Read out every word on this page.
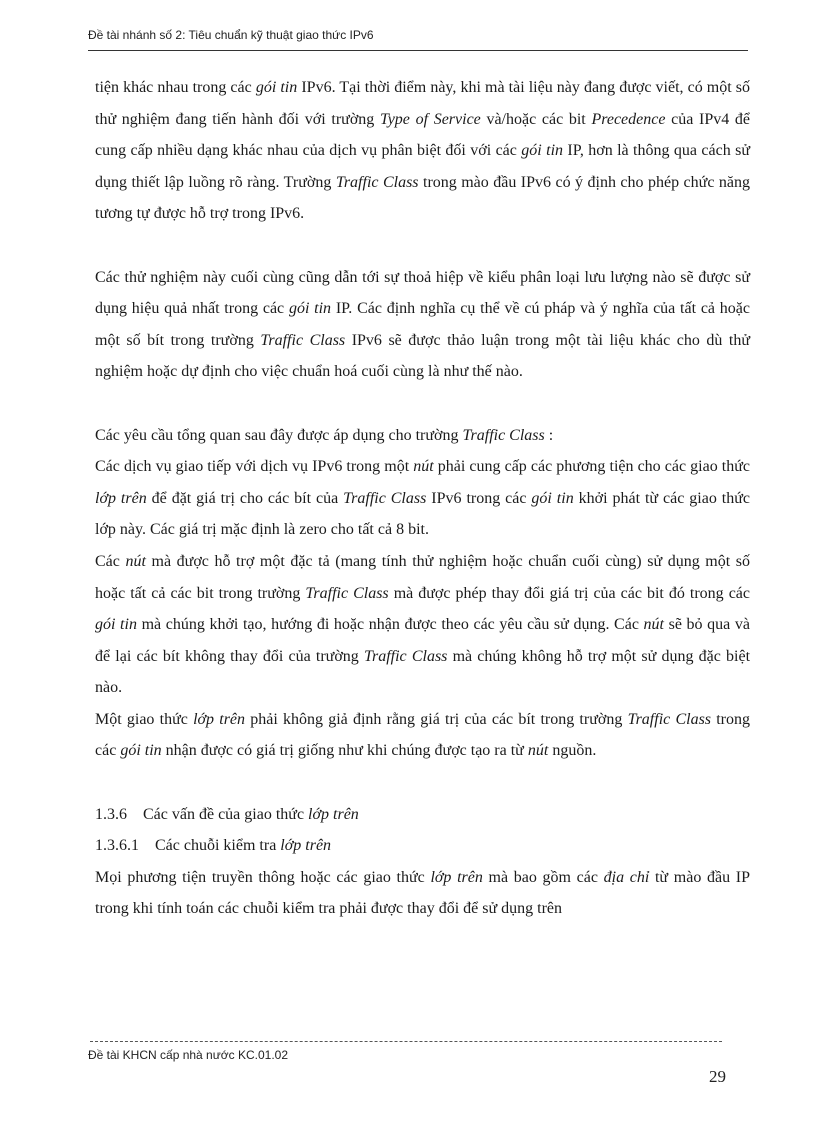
Đề tài nhánh số 2: Tiêu chuẩn kỹ thuật giao thức IPv6

tiện khác nhau trong các gói tin IPv6. Tại thời điểm này, khi mà tài liệu này đang được viết, có một số thử nghiệm đang tiến hành đối với trường Type of Service và/hoặc các bit Precedence của IPv4 để cung cấp nhiều dạng khác nhau của dịch vụ phân biệt đối với các gói tin IP, hơn là thông qua cách sử dụng thiết lập luồng rõ ràng. Trường Traffic Class trong mào đầu IPv6 có ý định cho phép chức năng tương tự được hỗ trợ trong IPv6.

Các thử nghiệm này cuối cùng cũng dẫn tới sự thoả hiệp về kiểu phân loại lưu lượng nào sẽ được sử dụng hiệu quả nhất trong các gói tin IP. Các định nghĩa cụ thể về cú pháp và ý nghĩa của tất cả hoặc một số bít trong trường Traffic Class IPv6 sẽ được thảo luận trong một tài liệu khác cho dù thử nghiệm hoặc dự định cho việc chuẩn hoá cuối cùng là như thế nào.

Các yêu cầu tổng quan sau đây được áp dụng cho trường Traffic Class :

Các dịch vụ giao tiếp với dịch vụ IPv6 trong một nút phải cung cấp các phương tiện cho các giao thức lớp trên để đặt giá trị cho các bít của Traffic Class IPv6 trong các gói tin khởi phát từ các giao thức lớp này. Các giá trị mặc định là zero cho tất cả 8 bit.

Các nút mà được hỗ trợ một đặc tả (mang tính thử nghiệm hoặc chuẩn cuối cùng) sử dụng một số hoặc tất cả các bit trong trường Traffic Class mà được phép thay đổi giá trị của các bit đó trong các gói tin mà chúng khởi tạo, hướng đi hoặc nhận được theo các yêu cầu sử dụng. Các nút sẽ bỏ qua và để lại các bít không thay đổi của trường Traffic Class mà chúng không hỗ trợ một sử dụng đặc biệt nào.

Một giao thức lớp trên phải không giả định rằng giá trị của các bít trong trường Traffic Class trong các gói tin nhận được có giá trị giống như khi chúng được tạo ra từ nút nguồn.

1.3.6 Các vấn đề của giao thức lớp trên

1.3.6.1 Các chuỗi kiểm tra lớp trên

Mọi phương tiện truyền thông hoặc các giao thức lớp trên mà bao gồm các địa chỉ từ mào đầu IP trong khi tính toán các chuỗi kiểm tra phải được thay đổi để sử dụng trên

Đề tài KHCN cấp nhà nước KC.01.02
29
